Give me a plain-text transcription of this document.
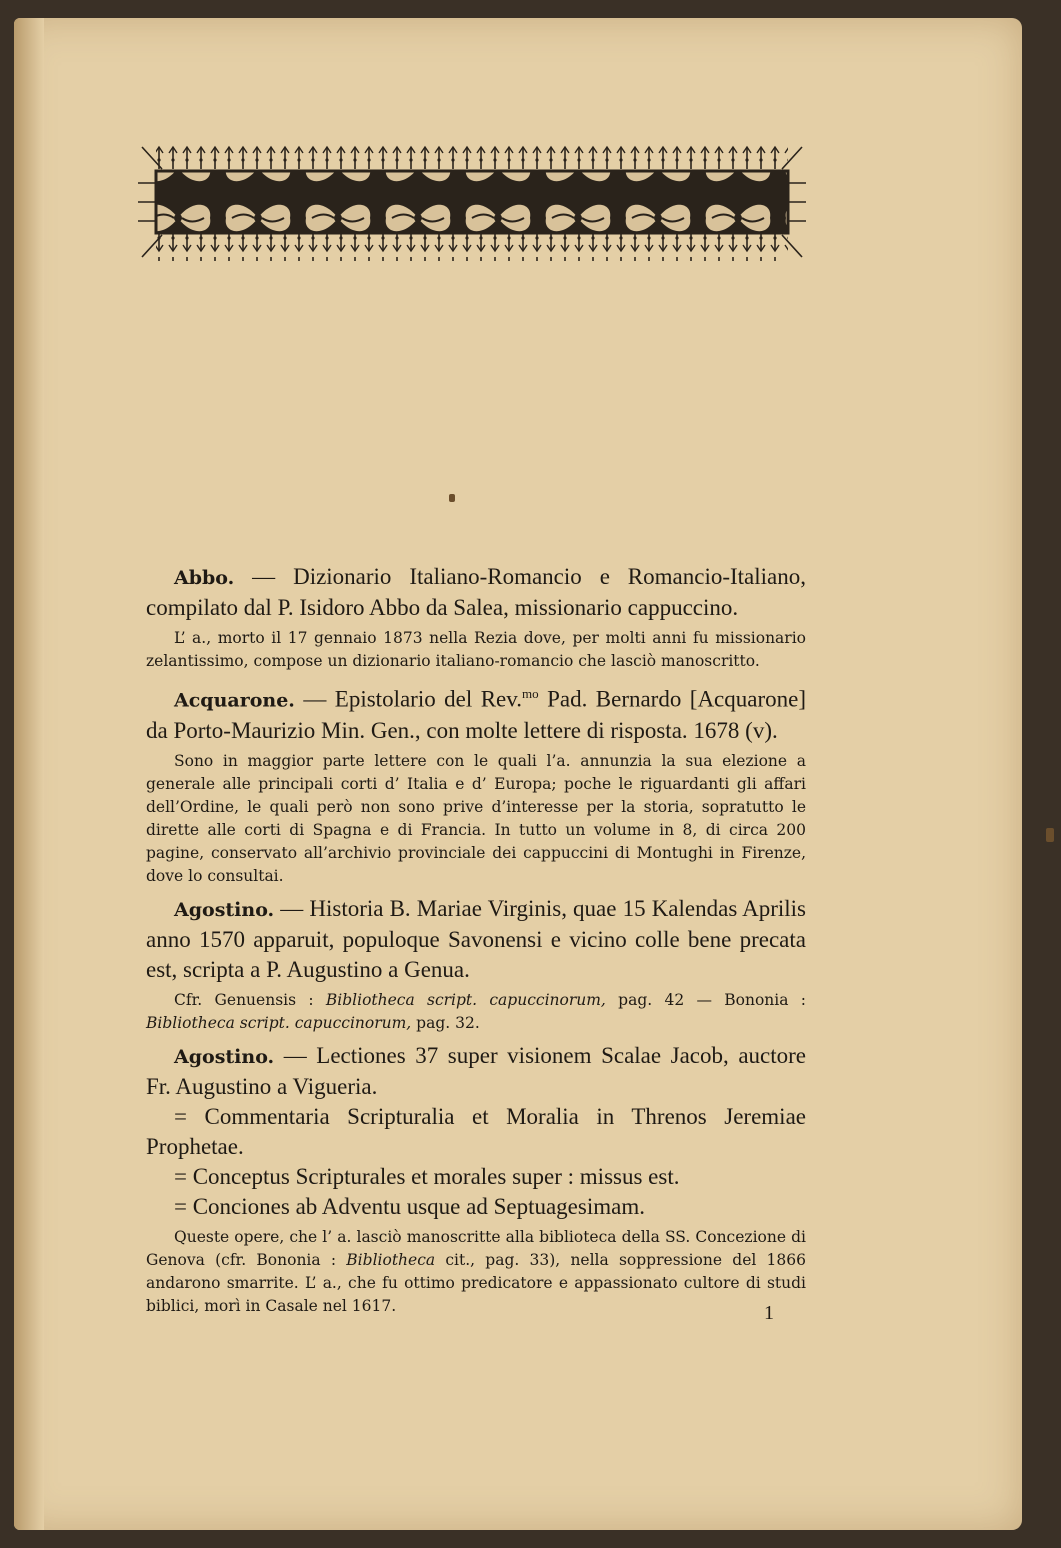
Abbo. — Dizionario Italiano-Romancio e Romancio-Italiano, compilato dal P. Isidoro Abbo da Salea, missionario cappuccino.

L’ a., morto il 17 gennaio 1873 nella Rezia dove, per molti anni fu missionario zelantissimo, compose un dizionario italiano-romancio che lasciò manoscritto.

Acquarone. — Epistolario del Rev.$^{mo}$ Pad. Bernardo [Acquarone] da Porto-Maurizio Min. Gen., con molte lettere di risposta. 1678 (v).

Sono in maggior parte lettere con le quali l’a. annunzia la sua elezione a generale alle principali corti d’ Italia e d’ Europa; poche le riguardanti gli affari dell’Ordine, le quali però non sono prive d’interesse per la storia, sopratutto le dirette alle corti di Spagna e di Francia. In tutto un volume in 8, di circa 200 pagine, conservato all’archivio provinciale dei cappuccini di Montughi in Firenze, dove lo consultai.

Agostino. — Historia B. Mariae Virginis, quae 15 Kalendas Aprilis anno 1570 apparuit, populoque Savonensi e vicino colle bene precata est, scripta a P. Augustino a Genua.

Cfr. Genuensis : Bibliotheca script. capuccinorum, pag. 42 — Bononia : Bibliotheca script. capuccinorum, pag. 32.

Agostino. — Lectiones 37 super visionem Scalae Jacob, auctore Fr. Augustino a Vigueria.

= Commentaria Scripturalia et Moralia in Threnos Jeremiae Prophetae.

= Conceptus Scripturales et morales super : missus est.

= Conciones ab Adventu usque ad Septuagesimam.

Queste opere, che l’ a. lasciò manoscritte alla biblioteca della SS. Concezione di Genova (cfr. Bononia : Bibliotheca cit., pag. 33), nella soppressione del 1866 andarono smarrite. L’ a., che fu ottimo predicatore e appassionato cultore di studi biblici, morì in Casale nel 1617.	1
